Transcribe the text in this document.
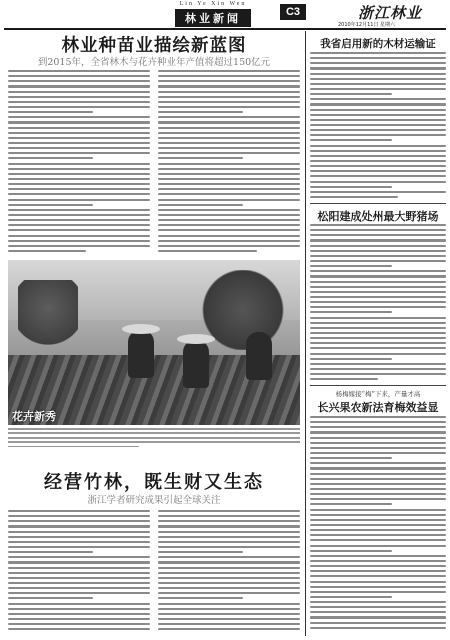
Lin Ye Xin Wen
林业新闻	C3	浙江林业
2010年12月11日 星期六
林业种苗业描绘新蓝图
到2015年，全省林木与花卉种业年产值将超过150亿元
花卉新秀
经营竹林，既生财又生态
浙江学者研究成果引起全球关注
我省启用新的木材运输证
松阳建成处州最大野猪场
杨梅嫁接“梅”下来，产量才高
长兴果农新法育梅效益显
